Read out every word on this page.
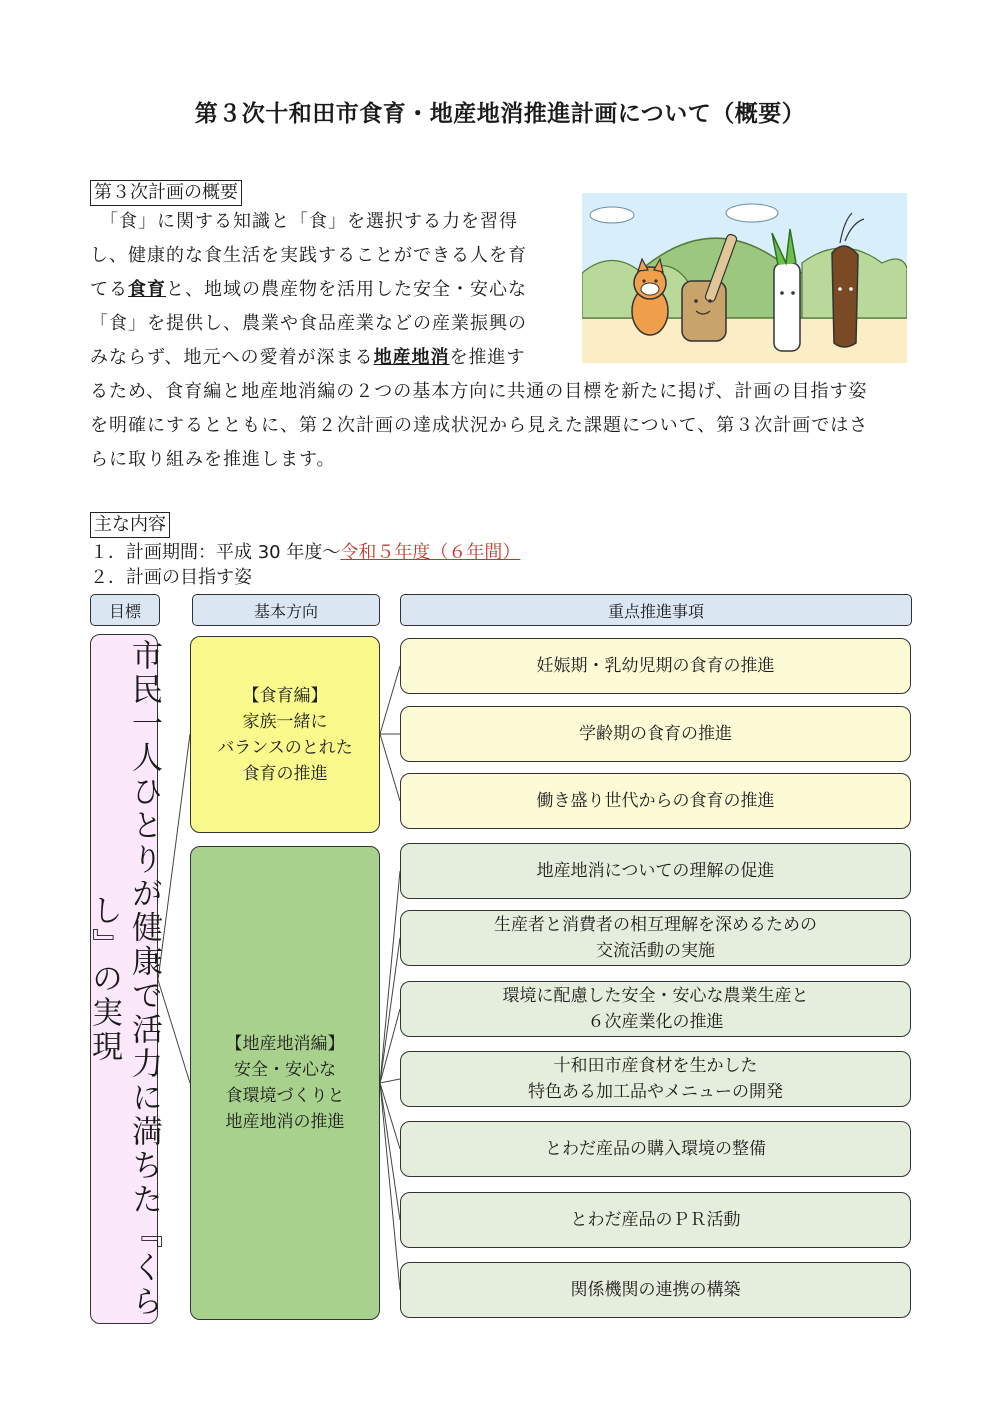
第３次十和田市食育・地産地消推進計画について（概要）
第３次計画の概要
　「食」に関する知識と「食」を選択する力を習得
し、健康的な食生活を実践することができる人を育
てる食育と、地域の農産物を活用した安全・安心な
「食」を提供し、農業や食品産業などの産業振興の
みならず、地元への愛着が深まる地産地消を推進す
るため、食育編と地産地消編の２つの基本方向に共通の目標を新たに掲げ、計画の目指す姿
を明確にするとともに、第２次計画の達成状況から見えた課題について、第３次計画ではさ
らに取り組みを推進します。
主な内容
１．計画期間：平成 30 年度～令和５年度（６年間）
２．計画の目指す姿
目標	基本方向	重点推進事項
市民一人ひとりが健康で活力に満ちた『くらし』の実現
【食育編】
家族一緒に
バランスのとれた
食育の推進
【地産地消編】
安全・安心な
食環境づくりと
地産地消の推進
妊娠期・乳幼児期の食育の推進
学齢期の食育の推進
働き盛り世代からの食育の推進
地産地消についての理解の促進
生産者と消費者の相互理解を深めるための
交流活動の実施
環境に配慮した安全・安心な農業生産と
６次産業化の推進
十和田市産食材を生かした
特色ある加工品やメニューの開発
とわだ産品の購入環境の整備
とわだ産品のＰＲ活動
関係機関の連携の構築
